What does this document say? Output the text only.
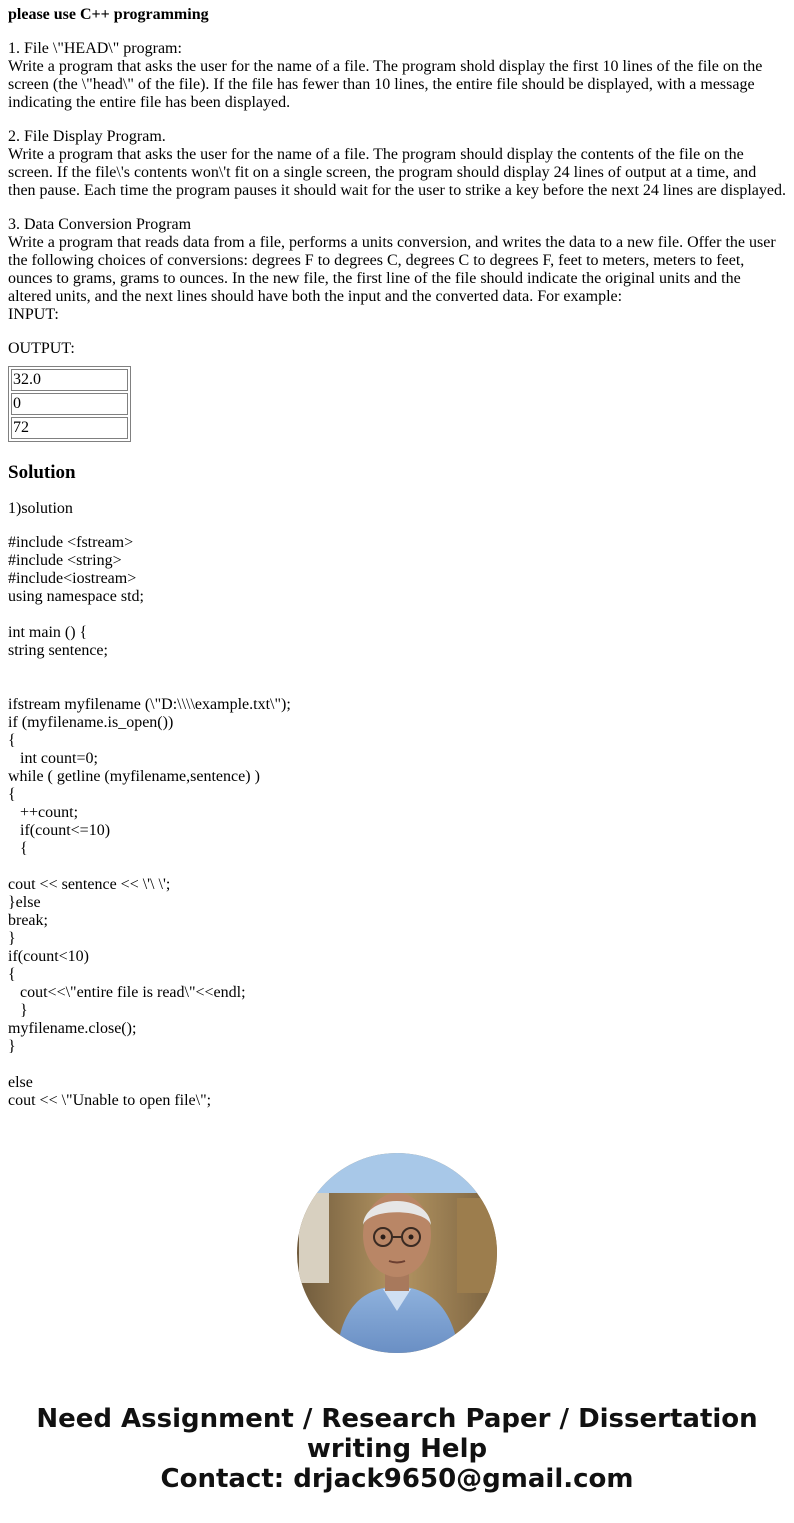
please use C++ programming
1. File \"HEAD\" program:
Write a program that asks the user for the name of a file. The program shold display the first 10 lines of the file on the
screen (the \"head\" of the file). If the file has fewer than 10 lines, the entire file should be displayed, with a message
indicating the entire file has been displayed.
2. File Display Program.
Write a program that asks the user for the name of a file. The program should display the contents of the file on the
screen. If the file\'s contents won\'t fit on a single screen, the program should display 24 lines of output at a time, and
then pause. Each time the program pauses it should wait for the user to strike a key before the next 24 lines are displayed.
3. Data Conversion Program
Write a program that reads data from a file, performs a units conversion, and writes the data to a new file. Offer the user
the following choices of conversions: degrees F to degrees C, degrees C to degrees F, feet to meters, meters to feet,
ounces to grams, grams to ounces. In the new file, the first line of the file should indicate the original units and the
altered units, and the next lines should have both the input and the converted data. For example:
INPUT:
OUTPUT:
32.0
0
72
Solution
1)solution
#include <fstream>
#include <string>
#include<iostream>
using namespace std;
int main () {
string sentence;
ifstream myfilename (\"D:\\\\example.txt\");
if (myfilename.is_open())
{
int count=0;
while ( getline (myfilename,sentence) )
{
++count;
if(count<=10)
{
cout << sentence << \'\ \';
}else
break;
}
if(count<10)
{
cout<<\"entire file is read\"<<endl;
}
myfilename.close();
}
else
cout << \"Unable to open file\";
Need Assignment / Research Paper / Dissertation
writing Help
Contact: drjack9650@gmail.com
